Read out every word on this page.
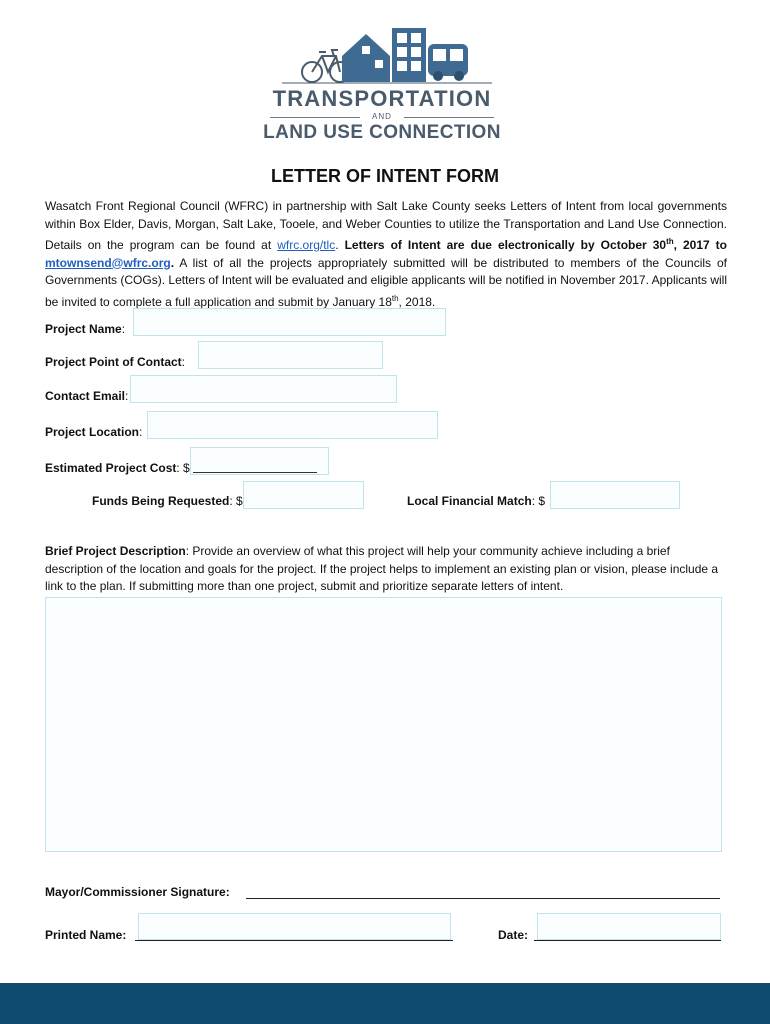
TRANSPORTATION
AND
LAND USE CONNECTION
LETTER OF INTENT FORM
Wasatch Front Regional Council (WFRC) in partnership with Salt Lake County seeks Letters of Intent from local governments within Box Elder, Davis, Morgan, Salt Lake, Tooele, and Weber Counties to utilize the Transportation and Land Use Connection. Details on the program can be found at wfrc.org/tlc. Letters of Intent are due electronically by October 30th, 2017 to mtownsend@wfrc.org. A list of all the projects appropriately submitted will be distributed to members of the Councils of Governments (COGs). Letters of Intent will be evaluated and eligible applicants will be notified in November 2017. Applicants will be invited to complete a full application and submit by January 18th, 2018.
Project Name:
Project Point of Contact:
Contact Email:
Project Location:
Estimated Project Cost: $
Funds Being Requested: $	Local Financial Match: $
Brief Project Description: Provide an overview of what this project will help your community achieve including a brief description of the location and goals for the project. If the project helps to implement an existing plan or vision, please include a link to the plan. If submitting more than one project, submit and prioritize separate letters of intent.
Mayor/Commissioner Signature:
Printed Name:	Date:
